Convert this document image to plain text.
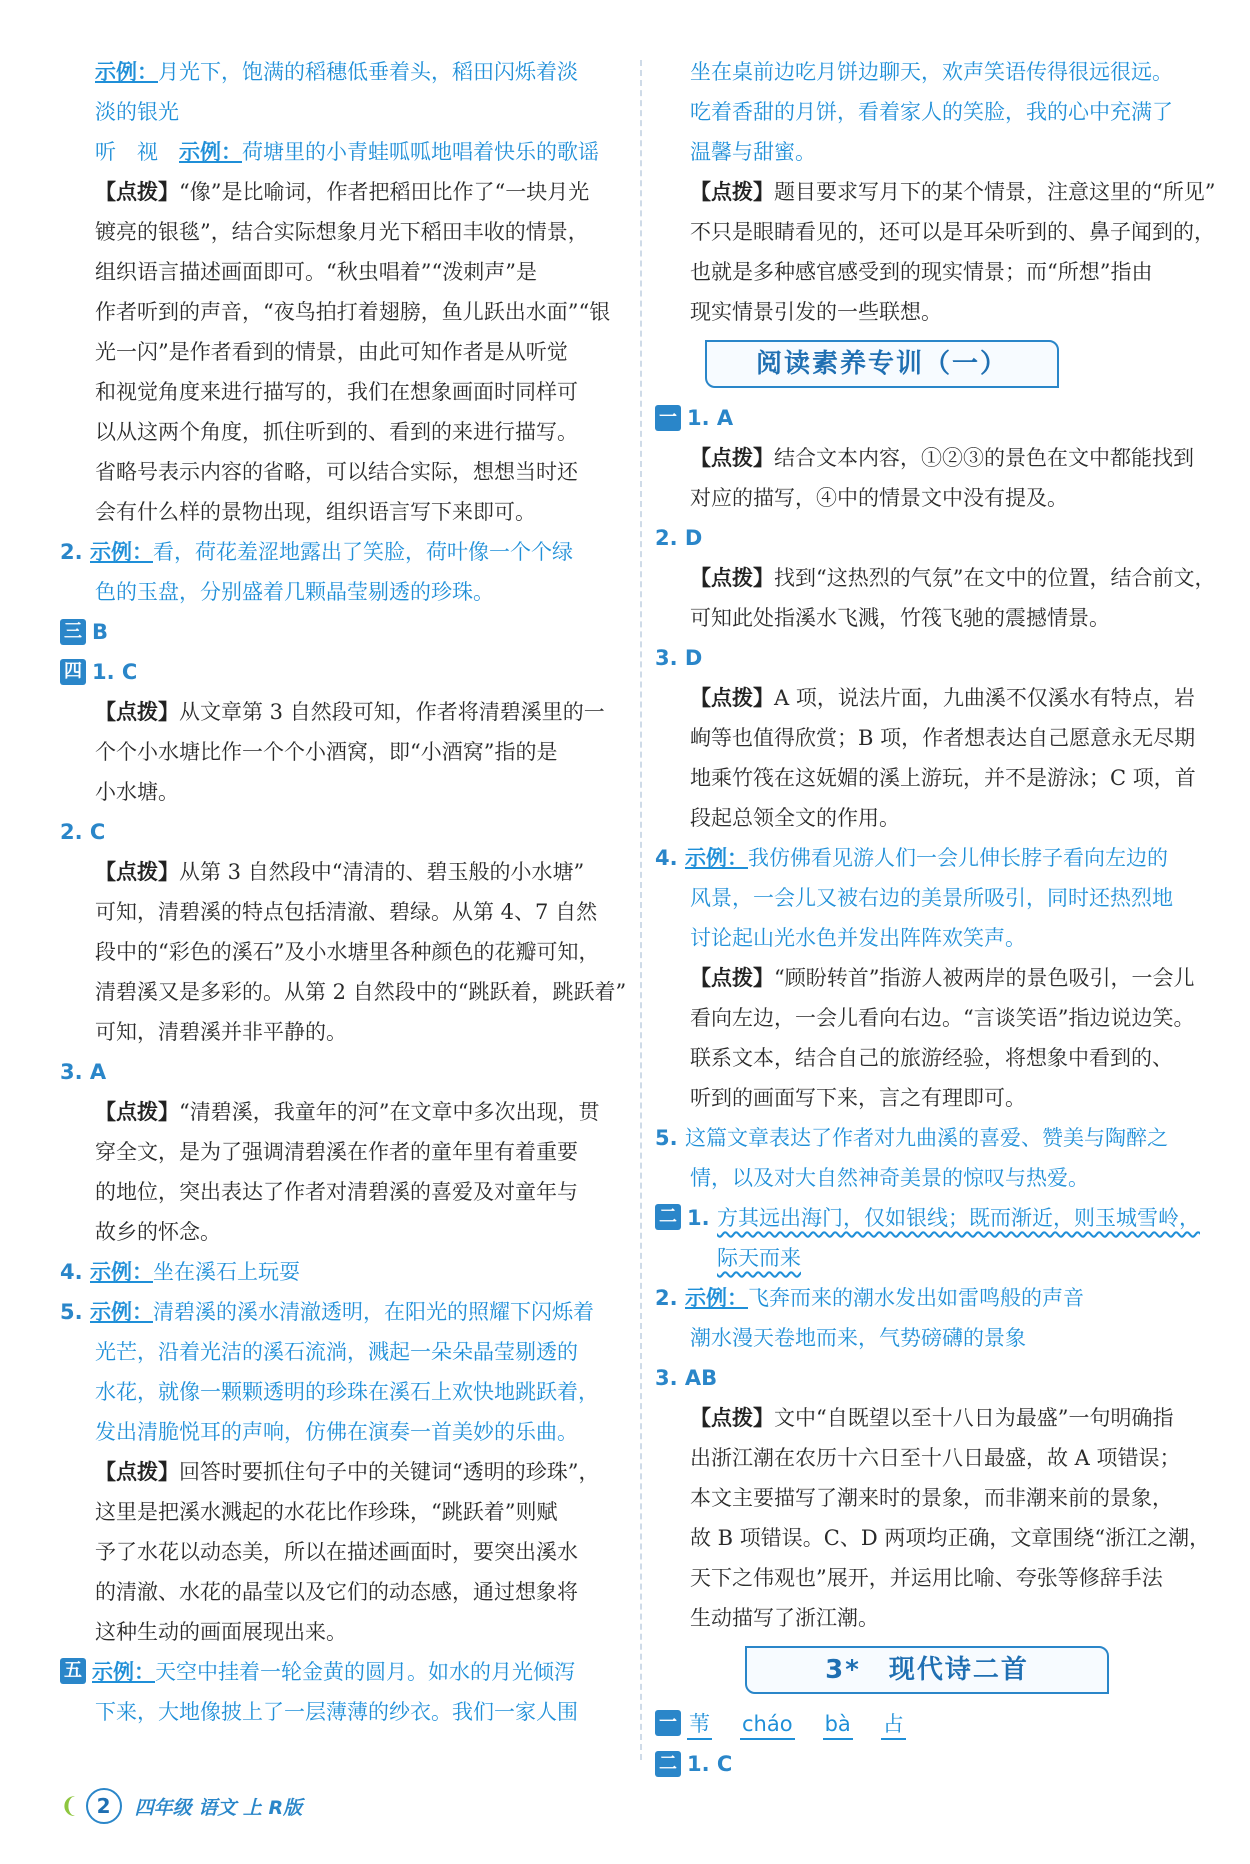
示例：月光下，饱满的稻穗低垂着头，稻田闪烁着淡
淡的银光
听　视　 示例：荷塘里的小青蛙呱呱地唱着快乐的歌谣
【点拨】“像”是比喻词，作者把稻田比作了“一块月光
镀亮的银毯”，结合实际想象月光下稻田丰收的情景，
组织语言描述画面即可。“秋虫唱着”“泼刺声”是
作者听到的声音，“夜鸟拍打着翅膀，鱼儿跃出水面”“银
光一闪”是作者看到的情景，由此可知作者是从听觉
和视觉角度来进行描写的，我们在想象画面时同样可
以从这两个角度，抓住听到的、看到的来进行描写。
省略号表示内容的省略，可以结合实际，想想当时还
会有什么样的景物出现，组织语言写下来即可。
2. 示例：看，荷花羞涩地露出了笑脸，荷叶像一个个绿
色的玉盘，分别盛着几颗晶莹剔透的珍珠。
三 B
四 1. C
【点拨】从文章第 3 自然段可知，作者将清碧溪里的一
个个小水塘比作一个个小酒窝，即“小酒窝”指的是
小水塘。
2. C
【点拨】从第 3 自然段中“清清的、碧玉般的小水塘”
可知，清碧溪的特点包括清澈、碧绿。从第 4、7 自然
段中的“彩色的溪石”及小水塘里各种颜色的花瓣可知，
清碧溪又是多彩的。从第 2 自然段中的“跳跃着，跳跃着”
可知，清碧溪并非平静的。
3. A
【点拨】“清碧溪，我童年的河”在文章中多次出现，贯
穿全文，是为了强调清碧溪在作者的童年里有着重要
的地位，突出表达了作者对清碧溪的喜爱及对童年与
故乡的怀念。
4. 示例：坐在溪石上玩耍
5. 示例：清碧溪的溪水清澈透明，在阳光的照耀下闪烁着
光芒，沿着光洁的溪石流淌，溅起一朵朵晶莹剔透的
水花，就像一颗颗透明的珍珠在溪石上欢快地跳跃着，
发出清脆悦耳的声响，仿佛在演奏一首美妙的乐曲。
【点拨】回答时要抓住句子中的关键词“透明的珍珠”，
这里是把溪水溅起的水花比作珍珠，“跳跃着”则赋
予了水花以动态美，所以在描述画面时，要突出溪水
的清澈、水花的晶莹以及它们的动态感，通过想象将
这种生动的画面展现出来。
五 示例：天空中挂着一轮金黄的圆月。如水的月光倾泻
下来，大地像披上了一层薄薄的纱衣。我们一家人围
坐在桌前边吃月饼边聊天，欢声笑语传得很远很远。
吃着香甜的月饼，看着家人的笑脸，我的心中充满了
温馨与甜蜜。
【点拨】题目要求写月下的某个情景，注意这里的“所见”
不只是眼睛看见的，还可以是耳朵听到的、鼻子闻到的，
也就是多种感官感受到的现实情景；而“所想”指由
现实情景引发的一些联想。
阅读素养专训（一）
一 1. A
【点拨】结合文本内容，①②③的景色在文中都能找到
对应的描写，④中的情景文中没有提及。
2. D
【点拨】找到“这热烈的气氛”在文中的位置，结合前文，
可知此处指溪水飞溅，竹筏飞驰的震撼情景。
3. D
【点拨】A 项，说法片面，九曲溪不仅溪水有特点，岩
峋等也值得欣赏；B 项，作者想表达自己愿意永无尽期
地乘竹筏在这妩媚的溪上游玩，并不是游泳；C 项，首
段起总领全文的作用。
4. 示例：我仿佛看见游人们一会儿伸长脖子看向左边的
风景，一会儿又被右边的美景所吸引，同时还热烈地
讨论起山光水色并发出阵阵欢笑声。
【点拨】“顾盼转首”指游人被两岸的景色吸引，一会儿
看向左边，一会儿看向右边。“言谈笑语”指边说边笑。
联系文本，结合自己的旅游经验，将想象中看到的、
听到的画面写下来，言之有理即可。
5. 这篇文章表达了作者对九曲溪的喜爱、赞美与陶醉之
情，以及对大自然神奇美景的惊叹与热爱。
二 1. 方其远出海门，仅如银线；既而渐近，则玉城雪岭，
际天而来
2. 示例：飞奔而来的潮水发出如雷鸣般的声音
潮水漫天卷地而来，气势磅礴的景象
3. AB
【点拨】文中“自既望以至十八日为最盛”一句明确指
出浙江潮在农历十六日至十八日最盛，故 A 项错误；
本文主要描写了潮来时的景象，而非潮来前的景象，
故 B 项错误。C、D 两项均正确，文章围绕“浙江之潮，
天下之伟观也”展开，并运用比喻、夸张等修辞手法
生动描写了浙江潮。
3*　现代诗二首
一 苇 cháo bà 占
二 1. C
❨ 2 四年级 语文 上 R版
